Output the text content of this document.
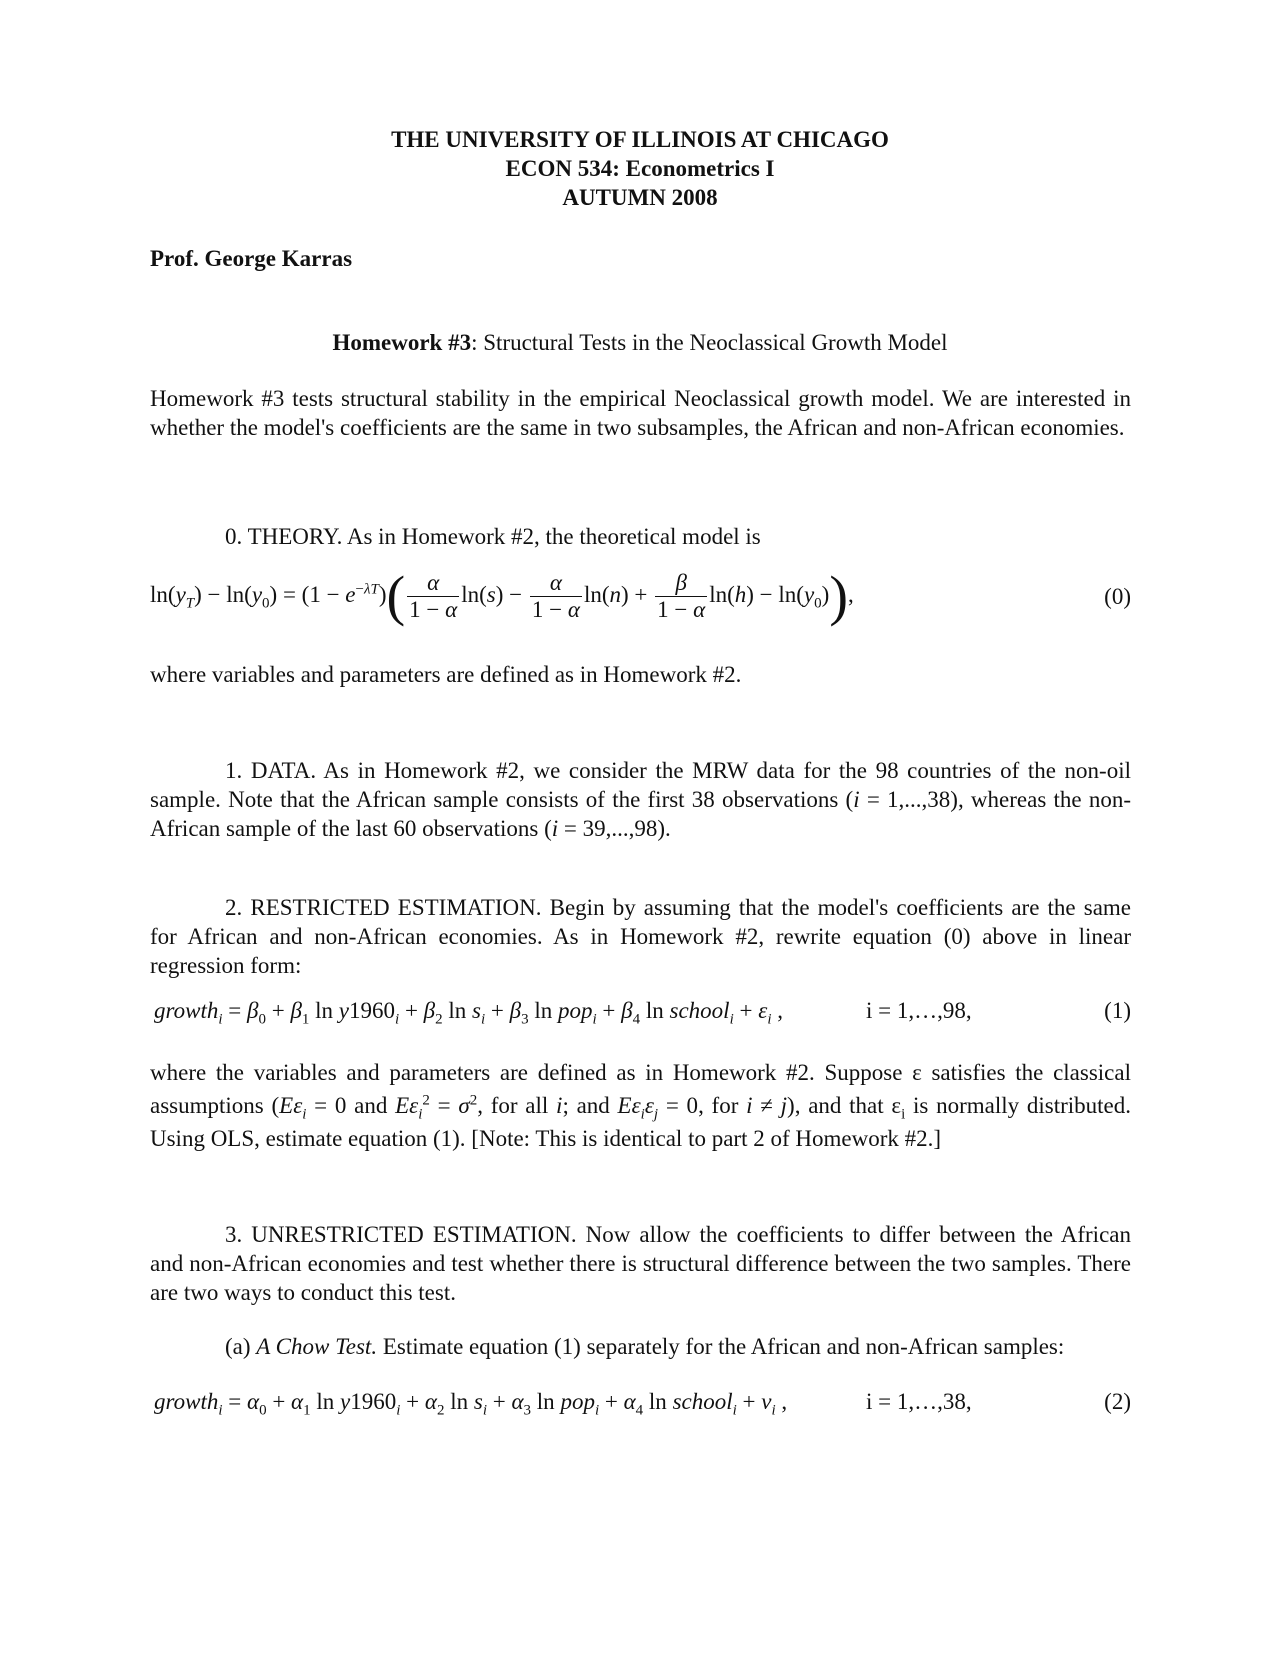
THE UNIVERSITY OF ILLINOIS AT CHICAGO
ECON 534: Econometrics I
AUTUMN 2008
Prof. George Karras
Homework #3: Structural Tests in the Neoclassical Growth Model
Homework #3 tests structural stability in the empirical Neoclassical growth model. We are interested in whether the model's coefficients are the same in two subsamples, the African and non-African economies.
0. THEORY. As in Homework #2, the theoretical model is
$\ln(y_T) - \ln(y_0) = (1 - e^{-\lambda T})( \frac{\alpha}{1 - \alpha} \ln(s) - \frac{\alpha}{1 - \alpha} \ln(n) + \frac{\beta}{1 - \alpha} \ln(h) - \ln(y_0))$,	(0)
where variables and parameters are defined as in Homework #2.
1. DATA. As in Homework #2, we consider the MRW data for the 98 countries of the non-oil sample. Note that the African sample consists of the first 38 observations (i = 1,...,38), whereas the non-African sample of the last 60 observations (i = 39,...,98).
2. RESTRICTED ESTIMATION. Begin by assuming that the model's coefficients are the same for African and non-African economies. As in Homework #2, rewrite equation (0) above in linear regression form:
growth$_i$ = $\beta_0 + \beta_1$ $\ln y1960_i + \beta_2$ $\ln s_i + \beta_3$ $\ln pop_i + \beta_4$ ln school$_i$ + $\varepsilon_i$ ,	i = 1,…,98,	(1)
where the variables and parameters are defined as in Homework #2. Suppose ε satisfies the classical assumptions ($E\varepsilon_i = 0$ and $E\varepsilon_i^2 = \sigma^2$, for all i; and $E\varepsilon_i\varepsilon_j = 0$, for i ≠ j), and that $\varepsilon_i$ is normally distributed. Using OLS, estimate equation (1). [Note: This is identical to part 2 of Homework #2.]
3. UNRESTRICTED ESTIMATION. Now allow the coefficients to differ between the African and non-African economies and test whether there is structural difference between the two samples. There are two ways to conduct this test.
(a) A Chow Test. Estimate equation (1) separately for the African and non-African samples:
growth$_i$ = $\alpha_0 + \alpha_1$ $\ln y1960_i + \alpha_2$ $\ln s_i + \alpha_3$ $\ln pop_i + \alpha_4$ ln school$_i$ + $v_i$ ,	i = 1,…,38,	(2)
